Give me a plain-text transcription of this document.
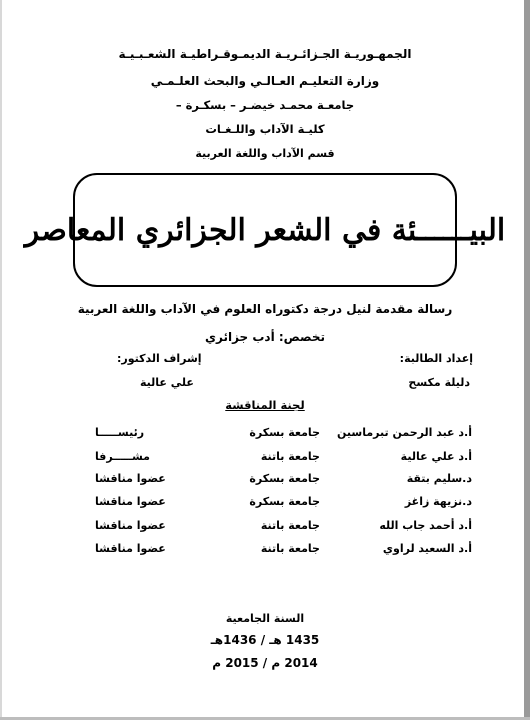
الجمهـوريـة الجـزائـريـة الديمـوقـراطيـة الشعـبـيـة
وزارة التعليـم العـالـي والبحث العلـمـي
جامعـة محمـد خيضـر – بسكـرة –
كليـة الآداب واللـغـات
قسم الآداب واللغة العربية
البيــــــئة في الشعر الجزائري المعاصر
رسالة مقدمة لنيل درجة دكتوراه العلوم في الآداب واللغة العربية
تخصص: أدب جزائري
إعداد الطالبة:
إشراف الدكتور:
دليلة مكسح
علي عالية
لجنة المناقشة
أ.د عبد الرحمن تبرماسين
جامعة بسكرة
رئيســـــا
أ.د علي عالية
جامعة باتنة
مشـــــرفا
د.سليم بتقة
جامعة بسكرة
عضوا مناقشا
د.نزيهة زاغز
جامعة بسكرة
عضوا مناقشا
أ.د أحمد جاب الله
جامعة باتنة
عضوا مناقشا
أ.د السعيد لراوي
جامعة باتنة
عضوا مناقشا
السنة الجامعية
1435 هـ / 1436هـ
2014 م / 2015 م
